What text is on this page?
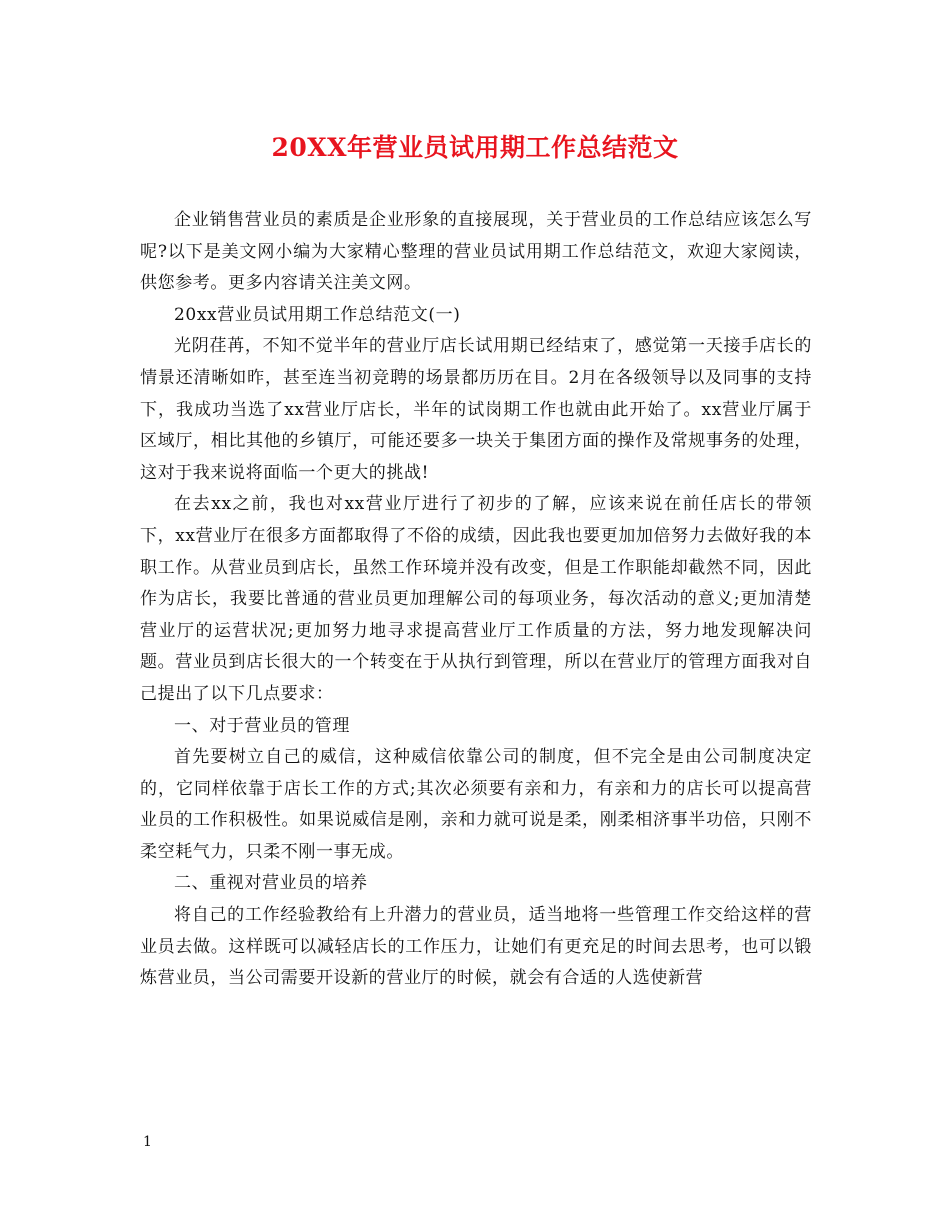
20XX年营业员试用期工作总结范文

企业销售营业员的素质是企业形象的直接展现，关于营业员的工作总结应该怎么写呢?以下是美文网小编为大家精心整理的营业员试用期工作总结范文，欢迎大家阅读，供您参考。更多内容请关注美文网。

20xx营业员试用期工作总结范文(一)

光阴荏苒，不知不觉半年的营业厅店长试用期已经结束了，感觉第一天接手店长的情景还清晰如昨，甚至连当初竞聘的场景都历历在目。2月在各级领导以及同事的支持下，我成功当选了xx营业厅店长，半年的试岗期工作也就由此开始了。xx营业厅属于区域厅，相比其他的乡镇厅，可能还要多一块关于集团方面的操作及常规事务的处理，这对于我来说将面临一个更大的挑战!

在去xx之前，我也对xx营业厅进行了初步的了解，应该来说在前任店长的带领下，xx营业厅在很多方面都取得了不俗的成绩，因此我也要更加加倍努力去做好我的本职工作。从营业员到店长，虽然工作环境并没有改变，但是工作职能却截然不同，因此作为店长，我要比普通的营业员更加理解公司的每项业务，每次活动的意义;更加清楚营业厅的运营状况;更加努力地寻求提高营业厅工作质量的方法，努力地发现解决问题。营业员到店长很大的一个转变在于从执行到管理，所以在营业厅的管理方面我对自己提出了以下几点要求：

一、对于营业员的管理

首先要树立自己的威信，这种威信依靠公司的制度，但不完全是由公司制度决定的，它同样依靠于店长工作的方式;其次必须要有亲和力，有亲和力的店长可以提高营业员的工作积极性。如果说威信是刚，亲和力就可说是柔，刚柔相济事半功倍，只刚不柔空耗气力，只柔不刚一事无成。

二、重视对营业员的培养

将自己的工作经验教给有上升潜力的营业员，适当地将一些管理工作交给这样的营业员去做。这样既可以减轻店长的工作压力，让她们有更充足的时间去思考，也可以锻炼营业员，当公司需要开设新的营业厅的时候，就会有合适的人选使新营

1
